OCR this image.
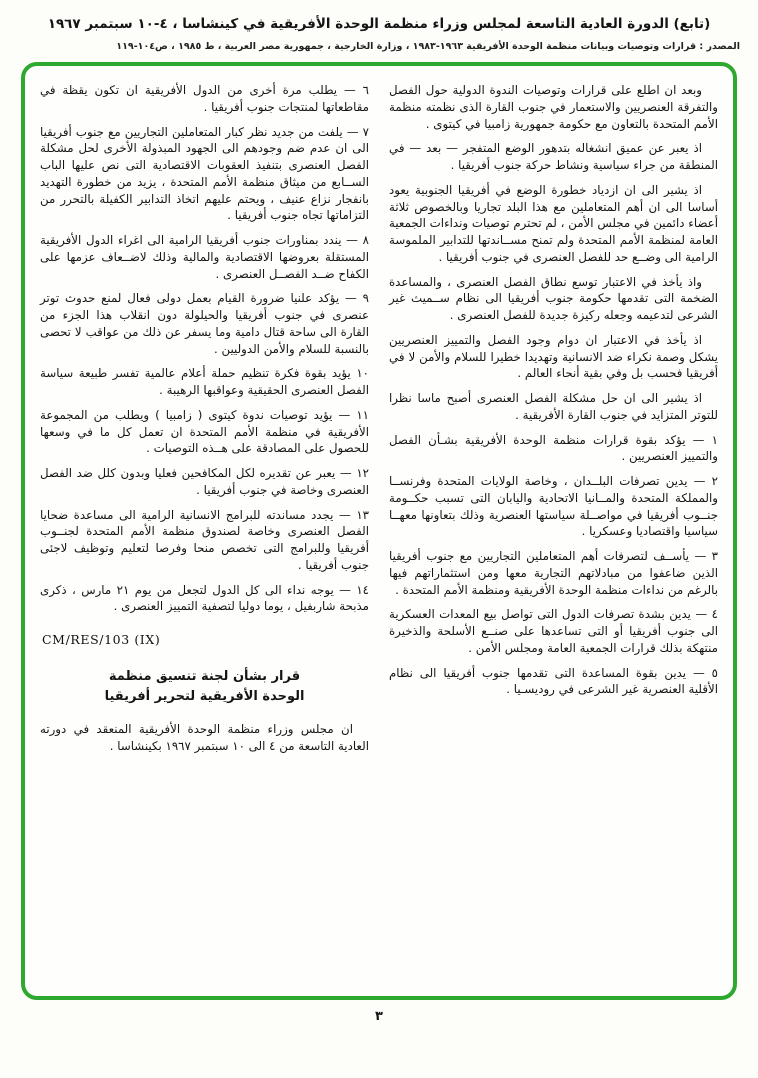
(تابع) الدورة العادية التاسعة لمجلس وزراء منظمة الوحدة الأفريقية في كينشاسا ، ٤-١٠ سبتمبر ١٩٦٧
المصدر : قرارات وتوصيات وبيانات منظمة الوحدة الأفريقية ١٩٦٣-١٩٨٣ ، وزارة الخارجية ، جمهورية مصر العربية ، ط ١٩٨٥ ، ص١٠٤-١١٩

وبعد ان اطلع على قرارات وتوصيات الندوة الدولية حول الفصل والتفرقة العنصريين والاستعمار في جنوب القارة الذى نظمته منظمة الأمم المتحدة بالتعاون مع حكومة جمهورية زامبيا في كيتوى .

اذ يعبر عن عميق انشغاله بتدهور الوضع المتفجر — بعد — في المنطقة من جراء سياسية ونشاط حركة جنوب أفريقيا .

اذ يشير الى ان ازدياد خطورة الوضع في أفريقيا الجنوبية يعود أساسا الى ان أهم المتعاملين مع هذا البلد تجاريا وبالخصوص ثلاثة أعضاء دائمين في مجلس الأمن ، لم تحترم توصيات ونداءات الجمعية العامة لمنظمة الأمم المتحدة ولم تمنح مســاندتها للتدابير الملموسة الرامية الى وضــع حد للفصل العنصرى في جنوب أفريقيا .

واذ يأخذ في الاعتبار توسع نطاق الفصل العنصرى ، والمساعدة الضخمة التى تقدمها حكومة جنوب أفريقيا الى نظام ســميث غير الشرعى لتدعيمه وجعله ركيزة جديدة للفصل العنصرى .

اذ يأخذ في الاعتبار ان دوام وجود الفصل والتمييز العنصريين يشكل وصمة نكراء ضد الانسانية وتهديدا خطيرا للسلام والأمن لا في أفريقيا فحسب بل وفي بقية أنحاء العالم .

اذ يشير الى ان حل مشكلة الفصل العنصرى أصبح ماسا نظرا للتوتر المتزايد في جنوب القارة الأفريقية .

١ — يؤكد بقوة قرارات منظمة الوحدة الأفريقية بشـأن الفصل والتمييز العنصريين .

٢ — يدين تصرفات البلــدان ، وخاصة الولايات المتحدة وفرنســا والمملكة المتحدة والمــانيا الاتحادية واليابان التى تسبب حكــومة جنــوب أفريقيا في مواصــلة سياستها العنصرية وذلك بتعاونها معهــا سياسيا واقتصاديا وعسكريا .

٣ — يأســف لتصرفات أهم المتعاملين التجاريين مع جنوب أفريقيا الذين ضاعفوا من مبادلاتهم التجارية معها ومن استثماراتهم فيها بالرغم من نداءات منظمة الوحدة الأفريقية ومنظمة الأمم المتحدة .

٤ — يدين بشدة تصرفات الدول التى تواصل بيع المعدات العسكرية الى جنوب أفريقيا أو التى تساعدها على صنــع الأسلحة والذخيرة منتهكة بذلك قرارات الجمعية العامة ومجلس الأمن .

٥ — يدين بقوة المساعدة التى تقدمها جنوب أفريقيا الى نظام الأقلية العنصرية غير الشرعى في روديسـيا .

٦ — يطلب مرة أخرى من الدول الأفريقية ان تكون يقظة في مقاطعاتها لمنتجات جنوب أفريقيا .

٧ — يلفت من جديد نظر كبار المتعاملين التجاريين مع جنوب أفريقيا الى ان عدم ضم وجودهم الى الجهود المبذولة الأخرى لحل مشكلة الفصل العنصرى بتنفيذ العقوبات الاقتصادية التى نص عليها الباب الســابع من ميثاق منظمة الأمم المتحدة ، يزيد من خطورة التهديد بانفجار نزاع عنيف ، ويحتم عليهم اتخاذ التدابير الكفيلة بالتحرر من التزاماتها تجاه جنوب أفريقيا .

٨ — يندد بمناورات جنوب أفريقيا الرامية الى اغراء الدول الأفريقية المستقلة بعروضها الاقتصادية والمالية وذلك لاضــعاف عزمها على الكفاح ضــد الفصــل العنصرى .

٩ — يؤكد علنيا ضرورة القيام بعمل دولى فعال لمنع حدوث توتر عنصرى في جنوب أفريقيا والحيلولة دون انقلاب هذا الجزء من القارة الى ساحة قتال دامية وما يسفر عن ذلك من عواقب لا تحصى بالنسبة للسلام والأمن الدوليين .

١٠ يؤيد بقوة فكرة تنظيم حملة أعلام عالمية تفسر طبيعة سياسة الفصل العنصرى الحقيقية وعواقبها الرهيبة .

١١ — يؤيد توصيات ندوة كيتوى ( زامبيا ) ويطلب من المجموعة الأفريقية في منظمة الأمم المتحدة ان تعمل كل ما في وسعها للحصول على المصادقة على هــذه التوصيات .

١٢ — يعبر عن تقديره لكل المكافحين فعليا وبدون كلل ضد الفصل العنصرى وخاصة في جنوب أفريقيا .

١٣ — يجدد مساندته للبرامج الانسانية الرامية الى مساعدة ضحايا الفصل العنصرى وخاصة لصندوق منظمة الأمم المتحدة لجنــوب أفريقيا وللبرامج التى تخصص منحا وفرصا لتعليم وتوظيف لاجئى جنوب أفريقيا .

١٤ — يوجه نداء الى كل الدول لتجعل من يوم ٢١ مارس ، ذكرى مذبحة شاربفيل ، يوما دوليا لتصفية التمييز العنصرى .

CM/RES/103 (IX)
قرار بشأن لجنة تنسيق منظمة
الوحدة الأفريقية لتحرير أفريقيا

ان مجلس وزراء منظمة الوحدة الأفريقية المنعقد في دورته العادية التاسعة من ٤ الى ١٠ سبتمبر ١٩٦٧ بكينشاسا .

٣
